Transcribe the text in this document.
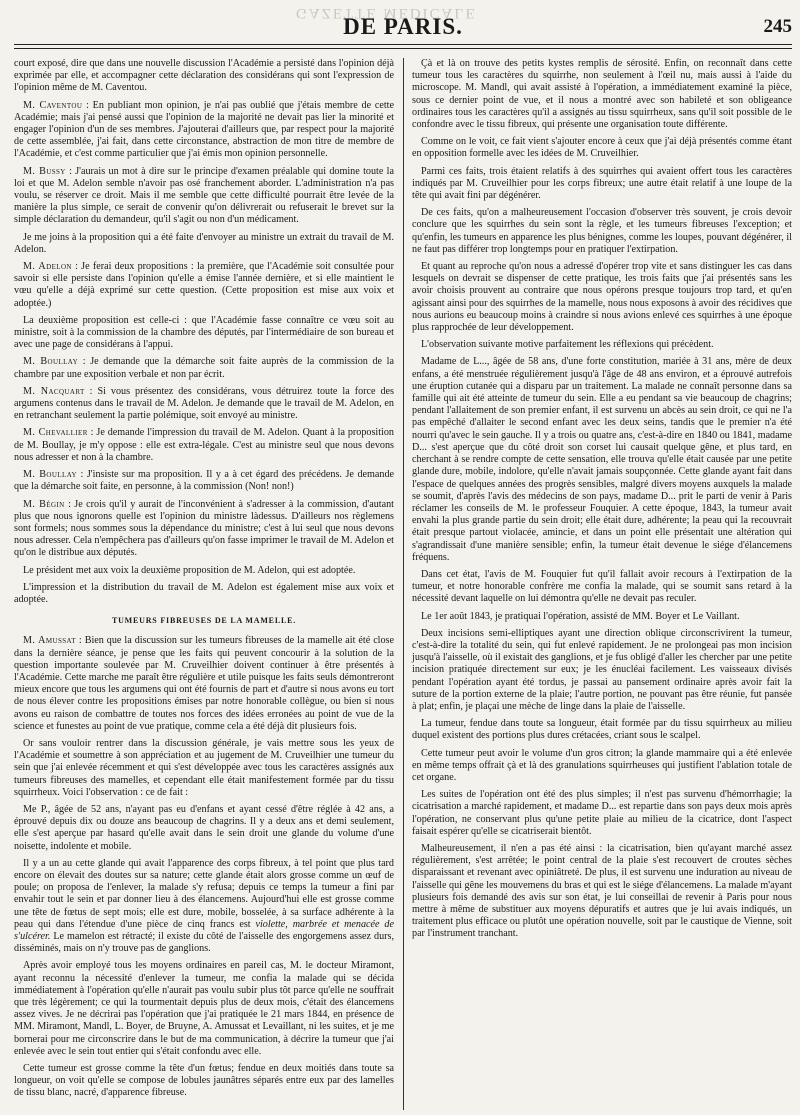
GAZETTE MÉDICALE
DE PARIS.	245

court exposé, dire que dans une nouvelle discussion l'Académie a persisté dans l'opinion déjà exprimée par elle, et accompagner cette déclaration des considérans qui sont l'expression de l'opinion même de M. Caventou.

M. Caventou : En publiant mon opinion, je n'ai pas oublié que j'étais membre de cette Académie; mais j'ai pensé aussi que l'opinion de la majorité ne devait pas lier la minorité et engager l'opinion d'un de ses membres. J'ajouterai d'ailleurs que, par respect pour la majorité de cette assemblée, j'ai fait, dans cette circonstance, abstraction de mon titre de membre de l'Académie, et c'est comme particulier que j'ai émis mon opinion personnelle.

M. Bussy : J'aurais un mot à dire sur le principe d'examen préalable qui domine toute la loi et que M. Adelon semble n'avoir pas osé franchement aborder. L'administration n'a pas voulu, se réserver ce droit. Mais il me semble que cette difficulté pourrait être levée de la manière la plus simple, ce serait de convenir qu'on délivrerait ou refuserait le brevet sur la simple déclaration du demandeur, qu'il s'agit ou non d'un médicament.

Je me joins à la proposition qui a été faite d'envoyer au ministre un extrait du travail de M. Adelon.

M. Adelon : Je ferai deux propositions : la première, que l'Académie soit consultée pour savoir si elle persiste dans l'opinion qu'elle a émise l'année dernière, et si elle maintient le vœu qu'elle a déjà exprimé sur cette question. (Cette proposition est mise aux voix et adoptée.)

La deuxième proposition est celle-ci : que l'Académie fasse connaître ce vœu soit au ministre, soit à la commission de la chambre des députés, par l'intermédiaire de son bureau et avec une page de considérans à l'appui.

M. Boullay : Je demande que la démarche soit faite auprès de la commission de la chambre par une exposition verbale et non par écrit.

M. Nacquart : Si vous présentez des considérans, vous détruirez toute la force des argumens contenus dans le travail de M. Adelon. Je demande que le travail de M. Adelon, en en retranchant seulement la partie polémique, soit envoyé au ministre.

M. Chevallier : Je demande l'impression du travail de M. Adelon. Quant à la proposition de M. Boullay, je m'y oppose : elle est extra-légale. C'est au ministre seul que nous devons nous adresser et non à la chambre.

M. Boullay : J'insiste sur ma proposition. Il y a à cet égard des précédens. Je demande que la démarche soit faite, en personne, à la commission (Non! non!)

M. Bégin : Je crois qu'il y aurait de l'inconvénient à s'adresser à la commission, d'autant plus que nous ignorons quelle est l'opinion du ministre làdessus. D'ailleurs nos règlemens sont formels; nous sommes sous la dépendance du ministre; c'est à lui seul que nous devons nous adresser. Cela n'empêchera pas d'ailleurs qu'on fasse imprimer le travail de M. Adelon et qu'on le distribue aux députés.

Le président met aux voix la deuxième proposition de M. Adelon, qui est adoptée.

L'impression et la distribution du travail de M. Adelon est également mise aux voix et adoptée.

TUMEURS FIBREUSES DE LA MAMELLE.

M. Amussat : Bien que la discussion sur les tumeurs fibreuses de la mamelle ait été close dans la dernière séance, je pense que les faits qui peuvent concourir à la solution de la question importante soulevée par M. Cruveilhier doivent continuer à être présentés à l'Académie. Cette marche me paraît être régulière et utile puisque les faits seuls démontreront mieux encore que tous les argumens qui ont été fournis de part et d'autre si nous avons eu tort de nous élever contre les propositions émises par notre honorable collègue, ou bien si nous avons eu raison de combattre de toutes nos forces des idées erronées au point de vue de la science et funestes au point de vue pratique, comme cela a été déjà dit plusieurs fois.

Or sans vouloir rentrer dans la discussion générale, je vais mettre sous les yeux de l'Académie et soumettre à son appréciation et au jugement de M. Cruveilhier une tumeur du sein que j'ai enlevée récemment et qui s'est développée avec tous les caractères assignés aux tumeurs fibreuses des mamelles, et cependant elle était manifestement formée par du tissu squirrheux. Voici l'observation : ce de fait :

Me P., âgée de 52 ans, n'ayant pas eu d'enfans et ayant cessé d'être réglée à 42 ans, a éprouvé depuis dix ou douze ans beaucoup de chagrins. Il y a deux ans et demi seulement, elle s'est aperçue par hasard qu'elle avait dans le sein droit une glande du volume d'une noisette, indolente et mobile.

Il y a un au cette glande qui avait l'apparence des corps fibreux, à tel point que plus tard encore on élevait des doutes sur sa nature; cette glande était alors grosse comme un œuf de poule; on proposa de l'enlever, la malade s'y refusa; depuis ce temps la tumeur a fini par envahir tout le sein et par donner lieu à des élancemens. Aujourd'hui elle est grosse comme une tête de fœtus de sept mois; elle est dure, mobile, bosselée, à sa surface adhérente à la peau qui dans l'étendue d'une pièce de cinq francs est violette, marbrée et menacée de s'ulcérer. Le mamelon est rétracté; il existe du côté de l'aisselle des engorgemens assez durs, disséminés, mais on n'y trouve pas de ganglions.

Après avoir employé tous les moyens ordinaires en pareil cas, M. le docteur Miramont, ayant reconnu la nécessité d'enlever la tumeur, me confia la malade qui se décida immédiatement à l'opération qu'elle n'aurait pas voulu subir plus tôt parce qu'elle ne souffrait que très légèrement; ce qui la tourmentait depuis plus de deux mois, c'était des élancemens assez vives. Je ne décrirai pas l'opération que j'ai pratiquée le 21 mars 1844, en présence de MM. Miramont, Mandl, L. Boyer, de Bruyne, A. Amussat et Levaillant, ni les suites, et je me bornerai pour me circonscrire dans le but de ma communication, à décrire la tumeur que j'ai enlevée avec le sein tout entier qui s'était confondu avec elle.

Cette tumeur est grosse comme la tête d'un fœtus; fendue en deux moitiés dans toute sa longueur, on voit qu'elle se compose de lobules jaunâtres séparés entre eux par des lamelles de tissu blanc, nacré, d'apparence fibreuse.

Çà et là on trouve des petits kystes remplis de sérosité. Enfin, on reconnaît dans cette tumeur tous les caractères du squirrhe, non seulement à l'œil nu, mais aussi à l'aide du microscope. M. Mandl, qui avait assisté à l'opération, a immédiatement examiné la pièce, sous ce dernier point de vue, et il nous a montré avec son habileté et son obligeance ordinaires tous les caractères qu'il a assignés au tissu squirrheux, sans qu'il soit possible de le confondre avec le tissu fibreux, qui présente une organisation toute différente.

Comme on le voit, ce fait vient s'ajouter encore à ceux que j'ai déjà présentés comme étant en opposition formelle avec les idées de M. Cruveilhier.

Parmi ces faits, trois étaient relatifs à des squirrhes qui avaient offert tous les caractères indiqués par M. Cruveilhier pour les corps fibreux; une autre était relatif à une loupe de la tête qui avait fini par dégénérer.

De ces faits, qu'on a malheureusement l'occasion d'observer très souvent, je crois devoir conclure que les squirrhes du sein sont la règle, et les tumeurs fibreuses l'exception; et qu'enfin, les tumeurs en apparence les plus bénignes, comme les loupes, pouvant dégénérer, il ne faut pas différer trop longtemps pour en pratiquer l'extirpation.

Et quant au reproche qu'on nous a adressé d'opérer trop vite et sans distinguer les cas dans lesquels on devrait se dispenser de cette pratique, les trois faits que j'ai présentés sans les avoir choisis prouvent au contraire que nous opérons presque toujours trop tard, et qu'en agissant ainsi pour des squirrhes de la mamelle, nous nous exposons à avoir des récidives que nous aurions eu beaucoup moins à craindre si nous avions enlevé ces squirrhes à une époque plus rapprochée de leur développement.

L'observation suivante motive parfaitement les réflexions qui précèdent.

Madame de L..., âgée de 58 ans, d'une forte constitution, mariée à 31 ans, mère de deux enfans, a été menstruée régulièrement jusqu'à l'âge de 48 ans environ, et a éprouvé autrefois une éruption cutanée qui a disparu par un traitement. La malade ne connaît personne dans sa famille qui ait été atteinte de tumeur du sein. Elle a eu pendant sa vie beaucoup de chagrins; pendant l'allaitement de son premier enfant, il est survenu un abcès au sein droit, ce qui ne l'a pas empêché d'allaiter le second enfant avec les deux seins, tandis que le premier n'a été nourri qu'avec le sein gauche. Il y a trois ou quatre ans, c'est-à-dire en 1840 ou 1841, madame D... s'est aperçue que du côté droit son corset lui causait quelque gêne, et plus tard, en cherchant à se rendre compte de cette sensation, elle trouva qu'elle était causée par une petite glande dure, mobile, indolore, qu'elle n'avait jamais soupçonnée. Cette glande ayant fait dans l'espace de quelques années des progrès sensibles, malgré divers moyens auxquels la malade se soumit, d'après l'avis des médecins de son pays, madame D... prit le parti de venir à Paris réclamer les conseils de M. le professeur Fouquier. A cette époque, 1843, la tumeur avait envahi la plus grande partie du sein droit; elle était dure, adhérente; la peau qui la recouvrait était presque partout violacée, amincie, et dans un point elle présentait une altération qui s'agrandissait d'une manière sensible; enfin, la tumeur était devenue le siége d'élancemens fréquens.

Dans cet état, l'avis de M. Fouquier fut qu'il fallait avoir recours à l'extirpation de la tumeur, et notre honorable confrère me confia la malade, qui se soumit sans retard à la nécessité devant laquelle on lui démontra qu'elle ne devait pas reculer.

Le 1er août 1843, je pratiquai l'opération, assisté de MM. Boyer et Le Vaillant.

Deux incisions semi-elliptiques ayant une direction oblique circonscrivirent la tumeur, c'est-à-dire la totalité du sein, qui fut enlevé rapidement. Je ne prolongeai pas mon incision jusqu'à l'aisselle, où il existait des ganglions, et je fus obligé d'aller les chercher par une petite incision pratiquée directement sur eux; je les énucléai facilement. Les vaisseaux divisés pendant l'opération ayant été tordus, je passai au pansement ordinaire après avoir fait la suture de la portion externe de la plaie; l'autre portion, ne pouvant pas être réunie, fut pansée à plat; enfin, je plaçai une mèche de linge dans la plaie de l'aisselle.

La tumeur, fendue dans toute sa longueur, était formée par du tissu squirrheux au milieu duquel existent des portions plus dures crétacées, criant sous le scalpel.

Cette tumeur peut avoir le volume d'un gros citron; la glande mammaire qui a été enlevée en même temps offrait çà et là des granulations squirrheuses qui justifient l'ablation totale de cet organe.

Les suites de l'opération ont été des plus simples; il n'est pas survenu d'hémorrhagie; la cicatrisation a marché rapidement, et madame D... est repartie dans son pays deux mois après l'opération, ne conservant plus qu'une petite plaie au milieu de la cicatrice, dont l'aspect faisait espérer qu'elle se cicatriserait bientôt.

Malheureusement, il n'en a pas été ainsi : la cicatrisation, bien qu'ayant marché assez régulièrement, s'est arrêtée; le point central de la plaie s'est recouvert de croutes sèches disparaissant et revenant avec opiniâtreté. De plus, il est survenu une induration au niveau de l'aisselle qui gêne les mouvemens du bras et qui est le siége d'élancemens. La malade m'ayant plusieurs fois demandé des avis sur son état, je lui conseillai de revenir à Paris pour nous mettre à même de substituer aux moyens dépuratifs et autres que je lui avais indiqués, un traitement plus efficace ou plutôt une opération nouvelle, soit par le caustique de Vienne, soit par l'instrument tranchant.
